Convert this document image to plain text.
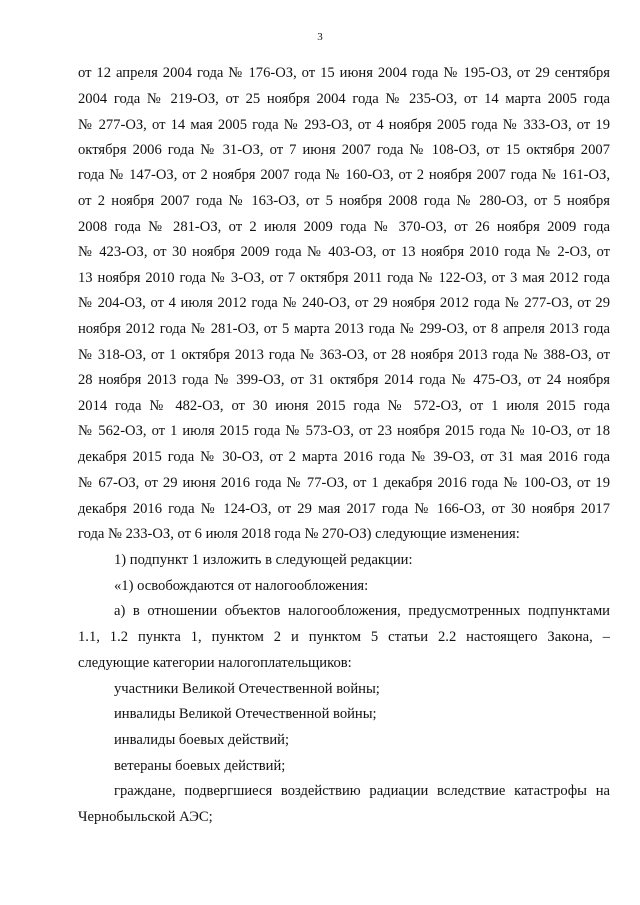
3
от 12 апреля 2004 года № 176-ОЗ, от 15 июня 2004 года № 195-ОЗ, от 29 сентября
2004 года № 219-ОЗ, от 25 ноября 2004 года № 235-ОЗ, от 14 марта 2005 года
№ 277-ОЗ, от 14 мая 2005 года № 293-ОЗ, от 4 ноября 2005 года № 333-ОЗ, от 19
октября 2006 года № 31-ОЗ, от 7 июня 2007 года № 108-ОЗ, от 15 октября 2007
года № 147-ОЗ, от 2 ноября 2007 года № 160-ОЗ, от 2 ноября 2007 года № 161-ОЗ,
от 2 ноября 2007 года № 163-ОЗ, от 5 ноября 2008 года № 280-ОЗ, от 5 ноября
2008 года № 281-ОЗ, от 2 июля 2009 года № 370-ОЗ, от 26 ноября 2009 года
№ 423-ОЗ, от 30 ноября 2009 года № 403-ОЗ, от 13 ноября 2010 года № 2-ОЗ, от
13 ноября 2010 года № 3-ОЗ, от 7 октября 2011 года № 122-ОЗ, от 3 мая 2012 года
№ 204-ОЗ, от 4 июля 2012 года № 240-ОЗ, от 29 ноября 2012 года № 277-ОЗ, от 29
ноября 2012 года № 281-ОЗ, от 5 марта 2013 года № 299-ОЗ, от 8 апреля 2013 года
№ 318-ОЗ, от 1 октября 2013 года № 363-ОЗ, от 28 ноября 2013 года № 388-ОЗ, от
28 ноября 2013 года № 399-ОЗ, от 31 октября 2014 года № 475-ОЗ, от 24 ноября
2014 года № 482-ОЗ, от 30 июня 2015 года № 572-ОЗ, от 1 июля 2015 года
№ 562-ОЗ, от 1 июля 2015 года № 573-ОЗ, от 23 ноября 2015 года № 10-ОЗ, от 18
декабря 2015 года № 30-ОЗ, от 2 марта 2016 года № 39-ОЗ, от 31 мая 2016 года
№ 67-ОЗ, от 29 июня 2016 года № 77-ОЗ, от 1 декабря 2016 года № 100-ОЗ, от 19
декабря 2016 года № 124-ОЗ, от 29 мая 2017 года № 166-ОЗ, от 30 ноября 2017
года № 233-ОЗ, от 6 июля 2018 года № 270-ОЗ) следующие изменения:
1) подпункт 1 изложить в следующей редакции:
«1) освобождаются от налогообложения:
а) в отношении объектов налогообложения, предусмотренных подпунктами
1.1, 1.2 пункта 1, пунктом 2 и пунктом 5 статьи 2.2 настоящего Закона, –
следующие категории налогоплательщиков:
участники Великой Отечественной войны;
инвалиды Великой Отечественной войны;
инвалиды боевых действий;
ветераны боевых действий;
граждане, подвергшиеся воздействию радиации вследствие катастрофы на
Чернобыльской АЭС;
